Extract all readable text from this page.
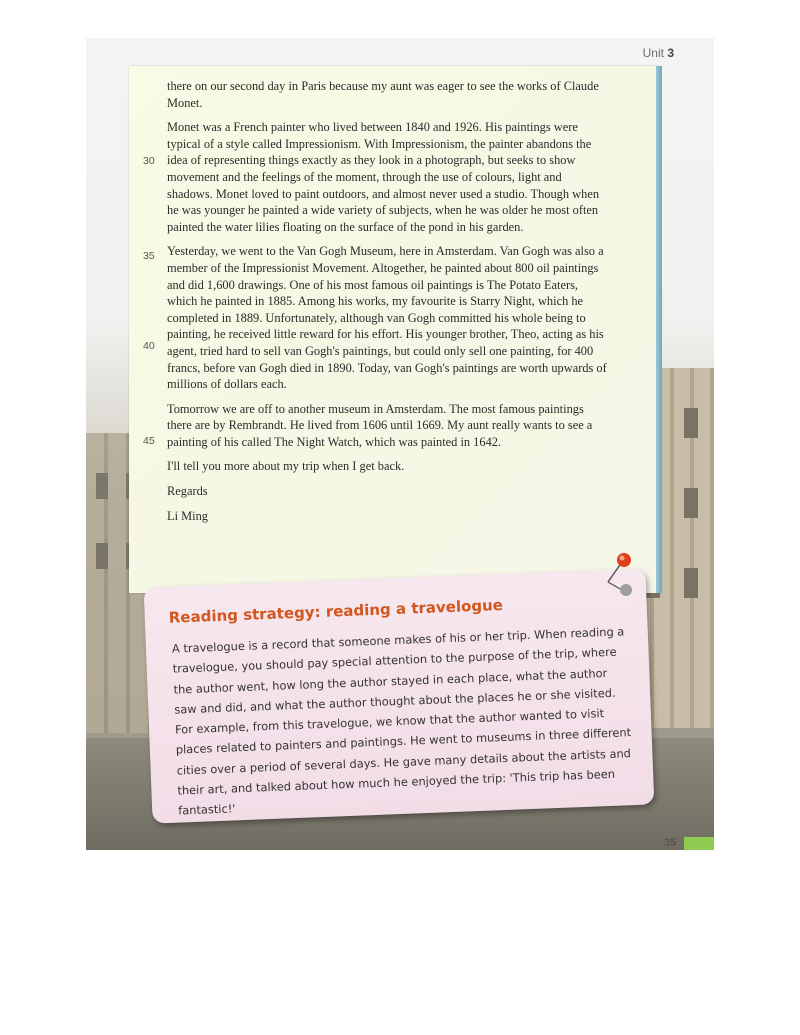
Unit 3
30
35
40
45

there on our second day in Paris because my aunt was eager to see the works of Claude Monet.

Monet was a French painter who lived between 1840 and 1926. His paintings were typical of a style called Impressionism. With Impressionism, the painter abandons the idea of representing things exactly as they look in a photograph, but seeks to show movement and the feelings of the moment, through the use of colours, light and shadows. Monet loved to paint outdoors, and almost never used a studio. Though when he was younger he painted a wide variety of subjects, when he was older he most often painted the water lilies floating on the surface of the pond in his garden.

Yesterday, we went to the Van Gogh Museum, here in Amsterdam. Van Gogh was also a member of the Impressionist Movement. Altogether, he painted about 800 oil paintings and did 1,600 drawings. One of his most famous oil paintings is The Potato Eaters, which he painted in 1885. Among his works, my favourite is Starry Night, which he completed in 1889. Unfortunately, although van Gogh committed his whole being to painting, he received little reward for his effort. His younger brother, Theo, acting as his agent, tried hard to sell van Gogh's paintings, but could only sell one painting, for 400 francs, before van Gogh died in 1890. Today, van Gogh's paintings are worth upwards of millions of dollars each.

Tomorrow we are off to another museum in Amsterdam. The most famous paintings there are by Rembrandt. He lived from 1606 until 1669. My aunt really wants to see a painting of his called The Night Watch, which was painted in 1642.

I'll tell you more about my trip when I get back.

Regards

Li Ming

Reading strategy: reading a travelogue
A travelogue is a record that someone makes of his or her trip. When reading a travelogue, you should pay special attention to the purpose of the trip, where the author went, how long the author stayed in each place, what the author saw and did, and what the author thought about the places he or she visited. For example, from this travelogue, we know that the author wanted to visit places related to painters and paintings. He went to museums in three different cities over a period of several days. He gave many details about the artists and their art, and talked about how much he enjoyed the trip: 'This trip has been fantastic!'
35
